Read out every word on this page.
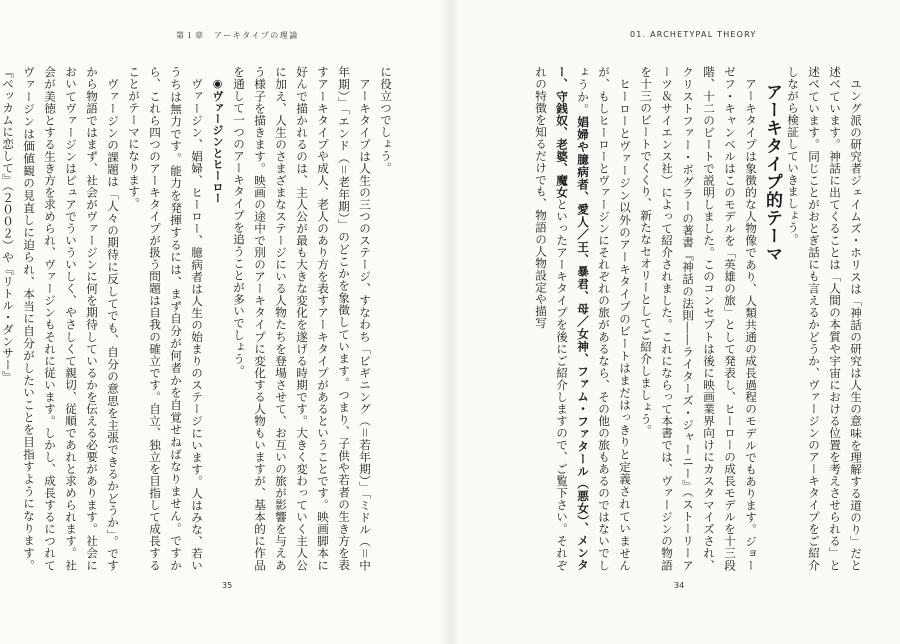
第１章　アーキタイプの理論

に役立つでしょう。

アーキタイプは人生の三つのステージ、すなわち「ビギニング（＝若年期）」「ミドル（＝中年期）」「エンド（＝老年期）」のどこかを象徴しています。つまり、子供や若者の生き方を表すアーキタイプや成人、老人のあり方を表すアーキタイプがあるということです。映画脚本に好んで描かれるのは、主人公が最も大きな変化を遂げる時期です。大きく変わっていく主人公に加え、人生のさまざまなステージにいる人物たちを登場させて、お互いの旅が影響を与えあう様子を描きます。映画の途中で別のアーキタイプに変化する人物もいますが、基本的に作品を通して一つのアーキタイプを追うことが多いでしょう。

◉ヴァージンとヒーロー

ヴァージン、娼婦、ヒーロー、臆病者は人生の始まりのステージにいます。人はみな、若いうちは無力です。能力を発揮するには、まず自分が何者かを自覚せねばなりません。ですから、これら四つのアーキタイプが扱う問題は自我の確立です。自立、独立を目指して成長することがテーマになります。

ヴァージンの課題は「人々の期待に反してでも、自分の意思を主張できるかどうか」。ですから物語ではまず、社会がヴァージンに何を期待しているかを伝える必要があります。社会においてヴァージンはピュアでういういしく、やさしくて親切、従順であれと求められます。社会が美徳とする生き方を求められ、ヴァージンもそれに従います。しかし、成長するにつれてヴァージンは価値観の見直しに迫られ、本当に自分がしたいことを目指すようになります。『ベッカムに恋して』（２００２）や『リトル・ダンサー』

35
01. ARCHETYPAL THEORY

ユング派の研究者ジェイムズ・ホリスは「神話の研究は人生の意味を理解する道のり」だと述べています。神話に出てくることは「人間の本質や宇宙における位置を考えさせられる」と述べています。同じことがおとぎ話にも言えるかどうか、ヴァージンのアーキタイプをご紹介しながら検証していきましょう。

アーキタイプ的テーマ

アーキタイプは象徴的な人物像であり、人類共通の成長過程のモデルでもあります。ジョーゼフ・キャンベルはこのモデルを「英雄の旅」として発表し、ヒーローの成長モデルを十三段階、十二のビートで説明しました。このコンセプトは後に映画業界向けにカスタマイズされ、クリストファー・ボグラーの著書『神話の法則――ライターズ・ジャーニー』（ストーリーアーツ＆サイエンス社）によって紹介されました。これにならって本書では、ヴァージンの物語を十三のビートでくくり、新たなセオリーとしてご紹介しましょう。

ヒーローとヴァージン以外のアーキタイプのビートはまだはっきりと定義されていませんが、もしヒーローとヴァージンにそれぞれの旅があるなら、その他の旅もあるのではないでしょうか。娼婦や臆病者、愛人／王、暴君、母／女神、ファム・ファタール（悪女）、メンター、守銭奴、老婆、魔女といったアーキタイプを後にご紹介しますので、ご覧下さい。それぞれの特徴を知るだけでも、物語の人物設定や描写

34
